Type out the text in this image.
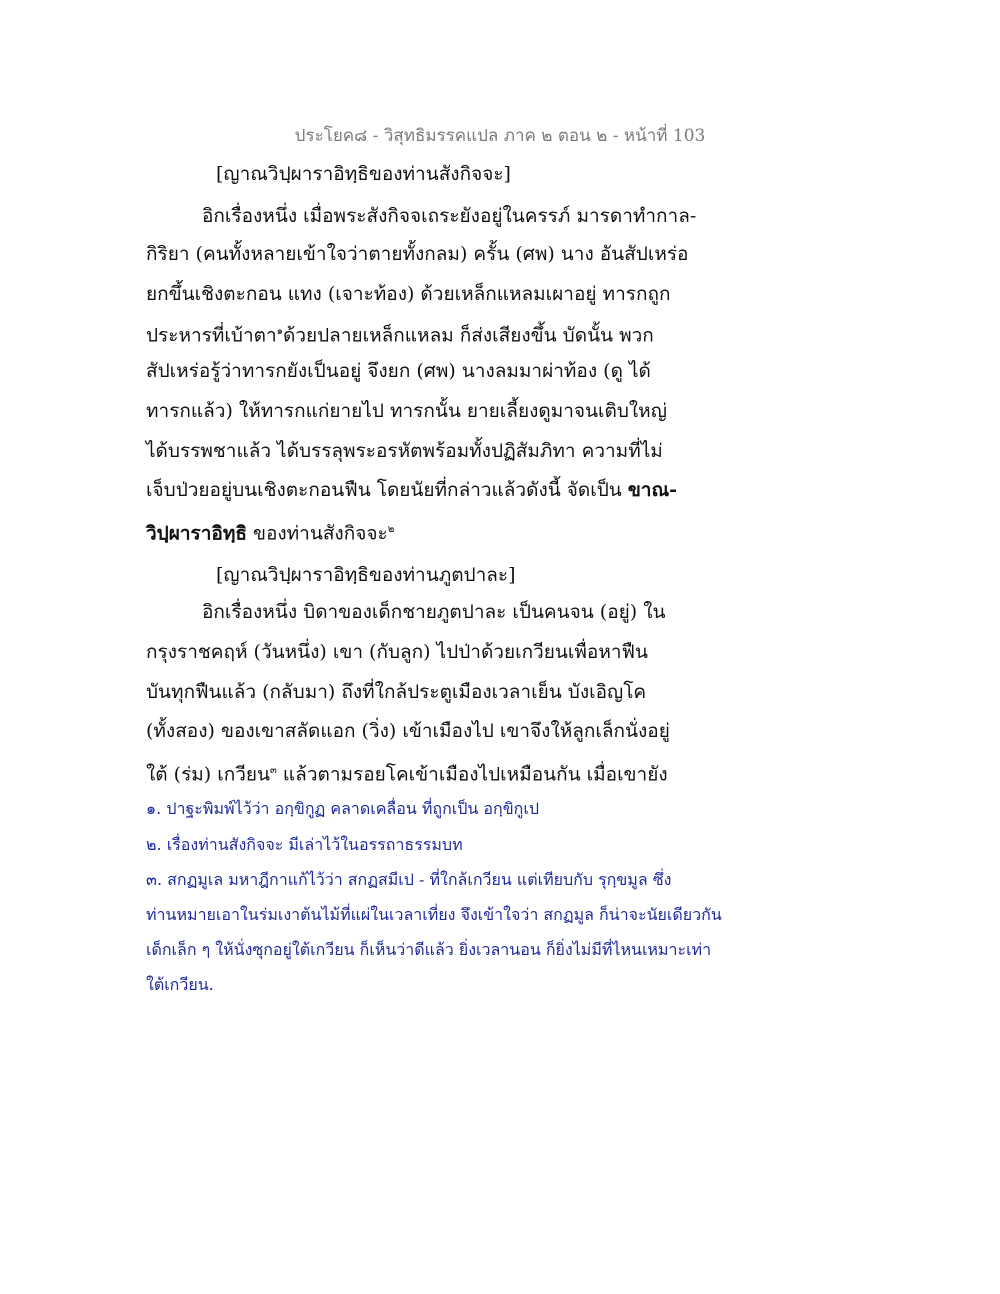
ประโยค๘ - วิสุทธิมรรคแปล ภาค ๒ ตอน ๒ - หน้าที่ 103
[ญาณวิปฺผาราอิทฺธิของท่านสังกิจจะ]
อิกเรื่องหนึ่ง เมื่อพระสังกิจจเถระยังอยู่ในครรภ์ มารดาทำกาล-
กิริยา (คนทั้งหลายเข้าใจว่าตายทั้งกลม) ครั้น (ศพ) นาง อันสัปเหร่อ
ยกขึ้นเชิงตะกอน แทง (เจาะท้อง) ด้วยเหล็กแหลมเผาอยู่ ทารกถูก
ประหารที่เบ้าตา$^๑$ด้วยปลายเหล็กแหลม ก็ส่งเสียงขึ้น บัดนั้น พวก
สัปเหร่อรู้ว่าทารกยังเป็นอยู่ จึงยก (ศพ) นางลมมาผ่าท้อง (ดู ได้
ทารกแล้ว) ให้ทารกแก่ยายไป ทารกนั้น ยายเลี้ยงดูมาจนเติบใหญ่
ได้บรรพชาแล้ว ได้บรรลุพระอรหัตพร้อมทั้งปฏิสัมภิทา ความที่ไม่
เจ็บป่วยอยู่บนเชิงตะกอนฟืน โดยนัยที่กล่าวแล้วดังนี้ จัดเป็น ขาณ-
วิปฺผาราอิทฺธิ ของท่านสังกิจจะ$^๒$
[ญาณวิปฺผาราอิทฺธิของท่านภูตปาละ]
อิกเรื่องหนึ่ง บิดาของเด็กชายภูตปาละ เป็นคนจน (อยู่) ใน
กรุงราชคฤห์ (วันหนึ่ง) เขา (กับลูก) ไปป่าด้วยเกวียนเพื่อหาฟืน
บันทุกฟืนแล้ว (กลับมา) ถึงที่ใกล้ประตูเมืองเวลาเย็น บังเอิญโค
(ทั้งสอง) ของเขาสลัดแอก (วิ่ง) เข้าเมืองไป เขาจึงให้ลูกเล็กนั่งอยู่
ใต้ (ร่ม) เกวียน$^๓$ แล้วตามรอยโคเข้าเมืองไปเหมือนกัน เมื่อเขายัง
๑. ปาฐะพิมพ์ไว้ว่า อกฺขิกูฏ คลาดเคลื่อน ที่ถูกเป็น อกฺขิกูเป
๒. เรื่องท่านสังกิจจะ มีเล่าไว้ในอรรถาธรรมบท
๓. สกฏมูเล มหาฎีกาแก้ไว้ว่า สกฏสมีเป - ที่ใกล้เกวียน แต่เทียบกับ รุกฺขมูล ซึ่ง
ท่านหมายเอาในร่มเงาต้นไม้ที่แผ่ในเวลาเที่ยง จึงเข้าใจว่า สกฏมูล ก็น่าจะนัยเดียวกัน
เด็กเล็ก ๆ ให้นั่งซุกอยู่ใต้เกวียน ก็เห็นว่าดีแล้ว ยิ่งเวลานอน ก็ยิ่งไม่มีที่ไหนเหมาะเท่า
ใต้เกวียน.
